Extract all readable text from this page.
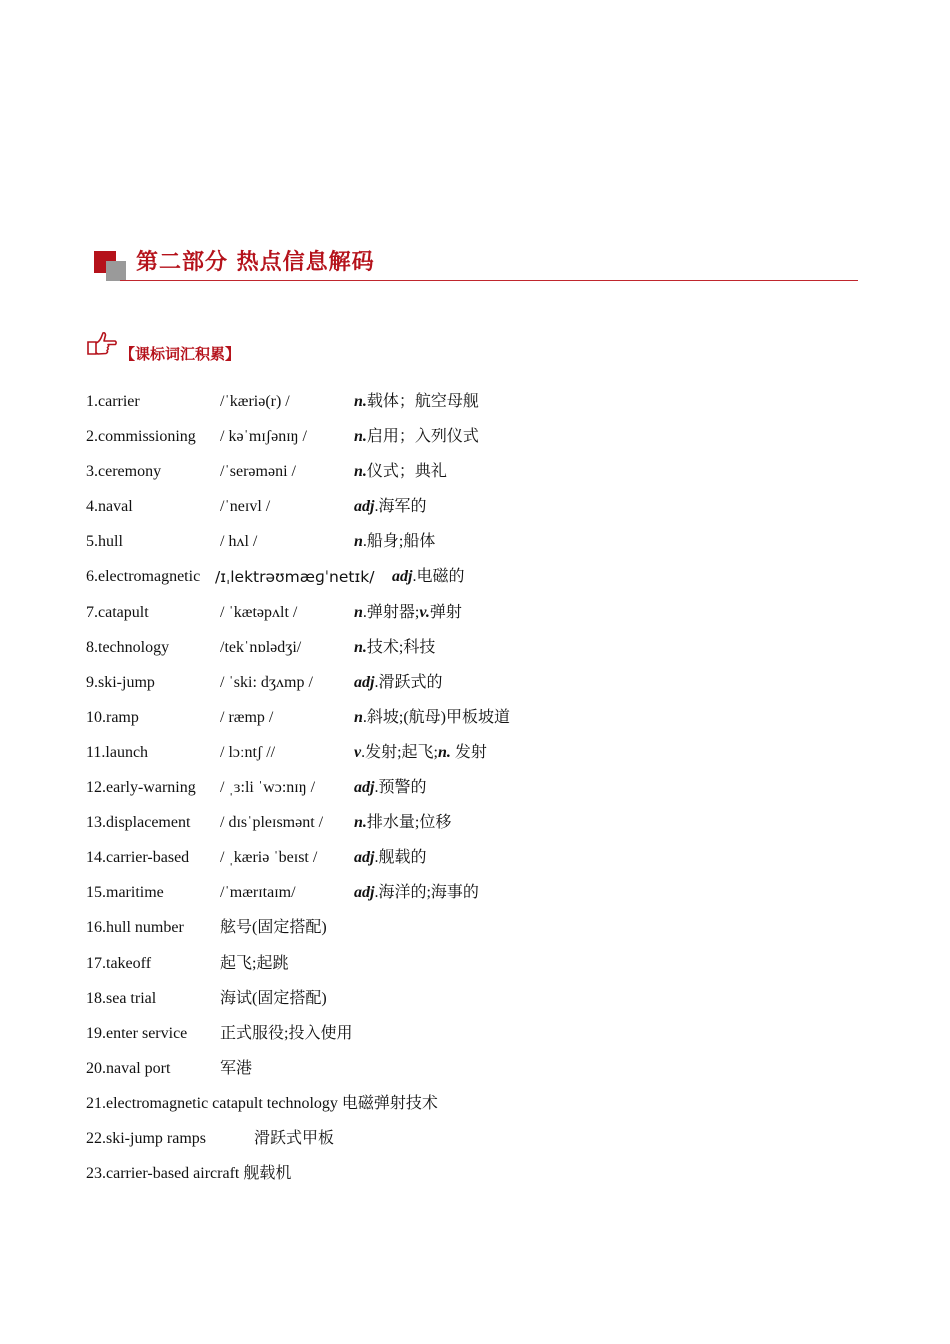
第二部分 热点信息解码
【课标词汇积累】
1.carrier	/ˈkæriə(r) /	n.载体；航空母舰
2.commissioning / kəˈmɪʃənɪŋ /	n.启用；入列仪式
3.ceremony	/ˈserəməni /	n.仪式；典礼
4.naval	/ˈneɪvl /	adj.海军的
5.hull	/ hʌl /	n.船身;船体
6.electromagnetic /ɪˌlektrəʊmæɡˈnetɪk/ adj.电磁的
7.catapult	/ ˈkætəpʌlt /	n.弹射器;v.弹射
8.technology	/tekˈnɒlədʒi/	n.技术;科技
9.ski-jump	/ ˈski: dʒʌmp /	adj.滑跃式的
10.ramp	/ ræmp /	n.斜坡;(航母)甲板坡道
11.launch	/ lɔːntʃ //	v.发射;起飞;n. 发射
12.early-warning / ˌɜ:li ˈwɔ:nɪŋ / adj.预警的
13.displacement / dɪsˈpleɪsmənt / n.排水量;位移
14.carrier-based / ˌkæriə ˈbeɪst / adj.舰载的
15.maritime	/ˈmærɪtaɪm/	adj.海洋的;海事的
16.hull number 舷号(固定搭配)
17.takeoff	起飞;起跳
18.sea trial	海试(固定搭配)
19.enter service 正式服役;投入使用
20.naval port	军港
21.electromagnetic catapult technology 电磁弹射技术
22.ski-jump ramps	滑跃式甲板
23.carrier-based aircraft 舰载机
